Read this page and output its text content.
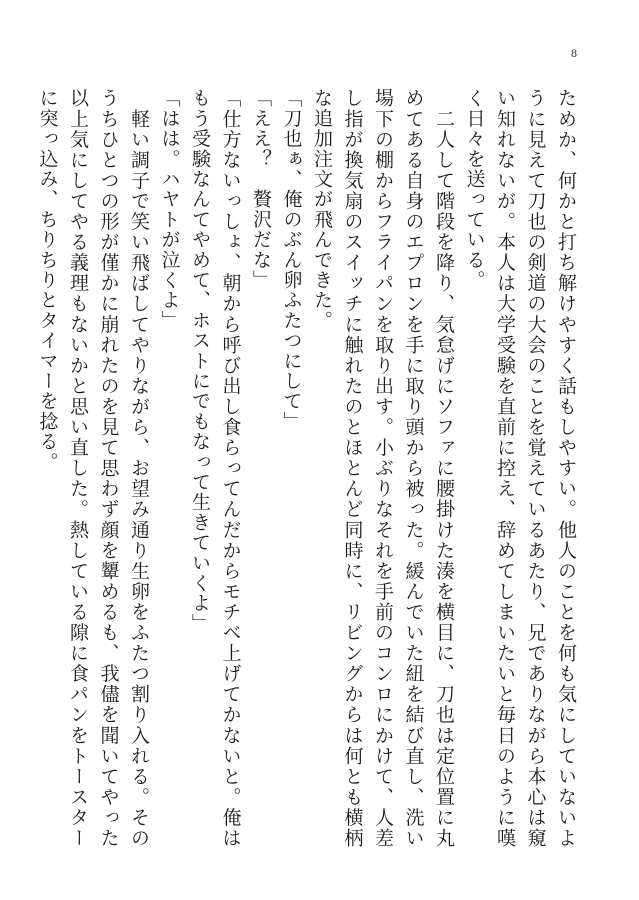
8

ためか、何かと打ち解けやすく話もしやすい。他人のことを何も気にしていないように見えて刀也の剣道の大会のことを覚えているあたり、兄でありながら本心は窺い知れないが。本人は大学受験を直前に控え、辞めてしまいたいと毎日のように嘆く日々を送っている。

　二人して階段を降り、気怠げにソファに腰掛けた湊を横目に、刀也は定位置に丸めてある自身のエプロンを手に取り頭から被った。緩んでいた紐を結び直し、洗い場下の棚からフライパンを取り出す。小ぶりなそれを手前のコンロにかけて、人差し指が換気扇のスイッチに触れたのとほとんど同時に、リビングからは何とも横柄な追加注文が飛んできた。

「刀也ぁ、俺のぶん卵ふたつにして」

「ええ？　贅沢だな」

「仕方ないっしょ、朝から呼び出し食らってんだからモチベ上げてかないと。俺はもう受験なんてやめて、ホストにでもなって生きていくよ」

「はは。ハヤトが泣くよ」

　軽い調子で笑い飛ばしてやりながら、お望み通り生卵をふたつ割り入れる。そのうちひとつの形が僅かに崩れたのを見て思わず顔を顰めるも、我儘を聞いてやった以上気にしてやる義理もないかと思い直した。熱している隙に食パンをトースターに突っ込み、ちりちりとタイマーを捻る。
